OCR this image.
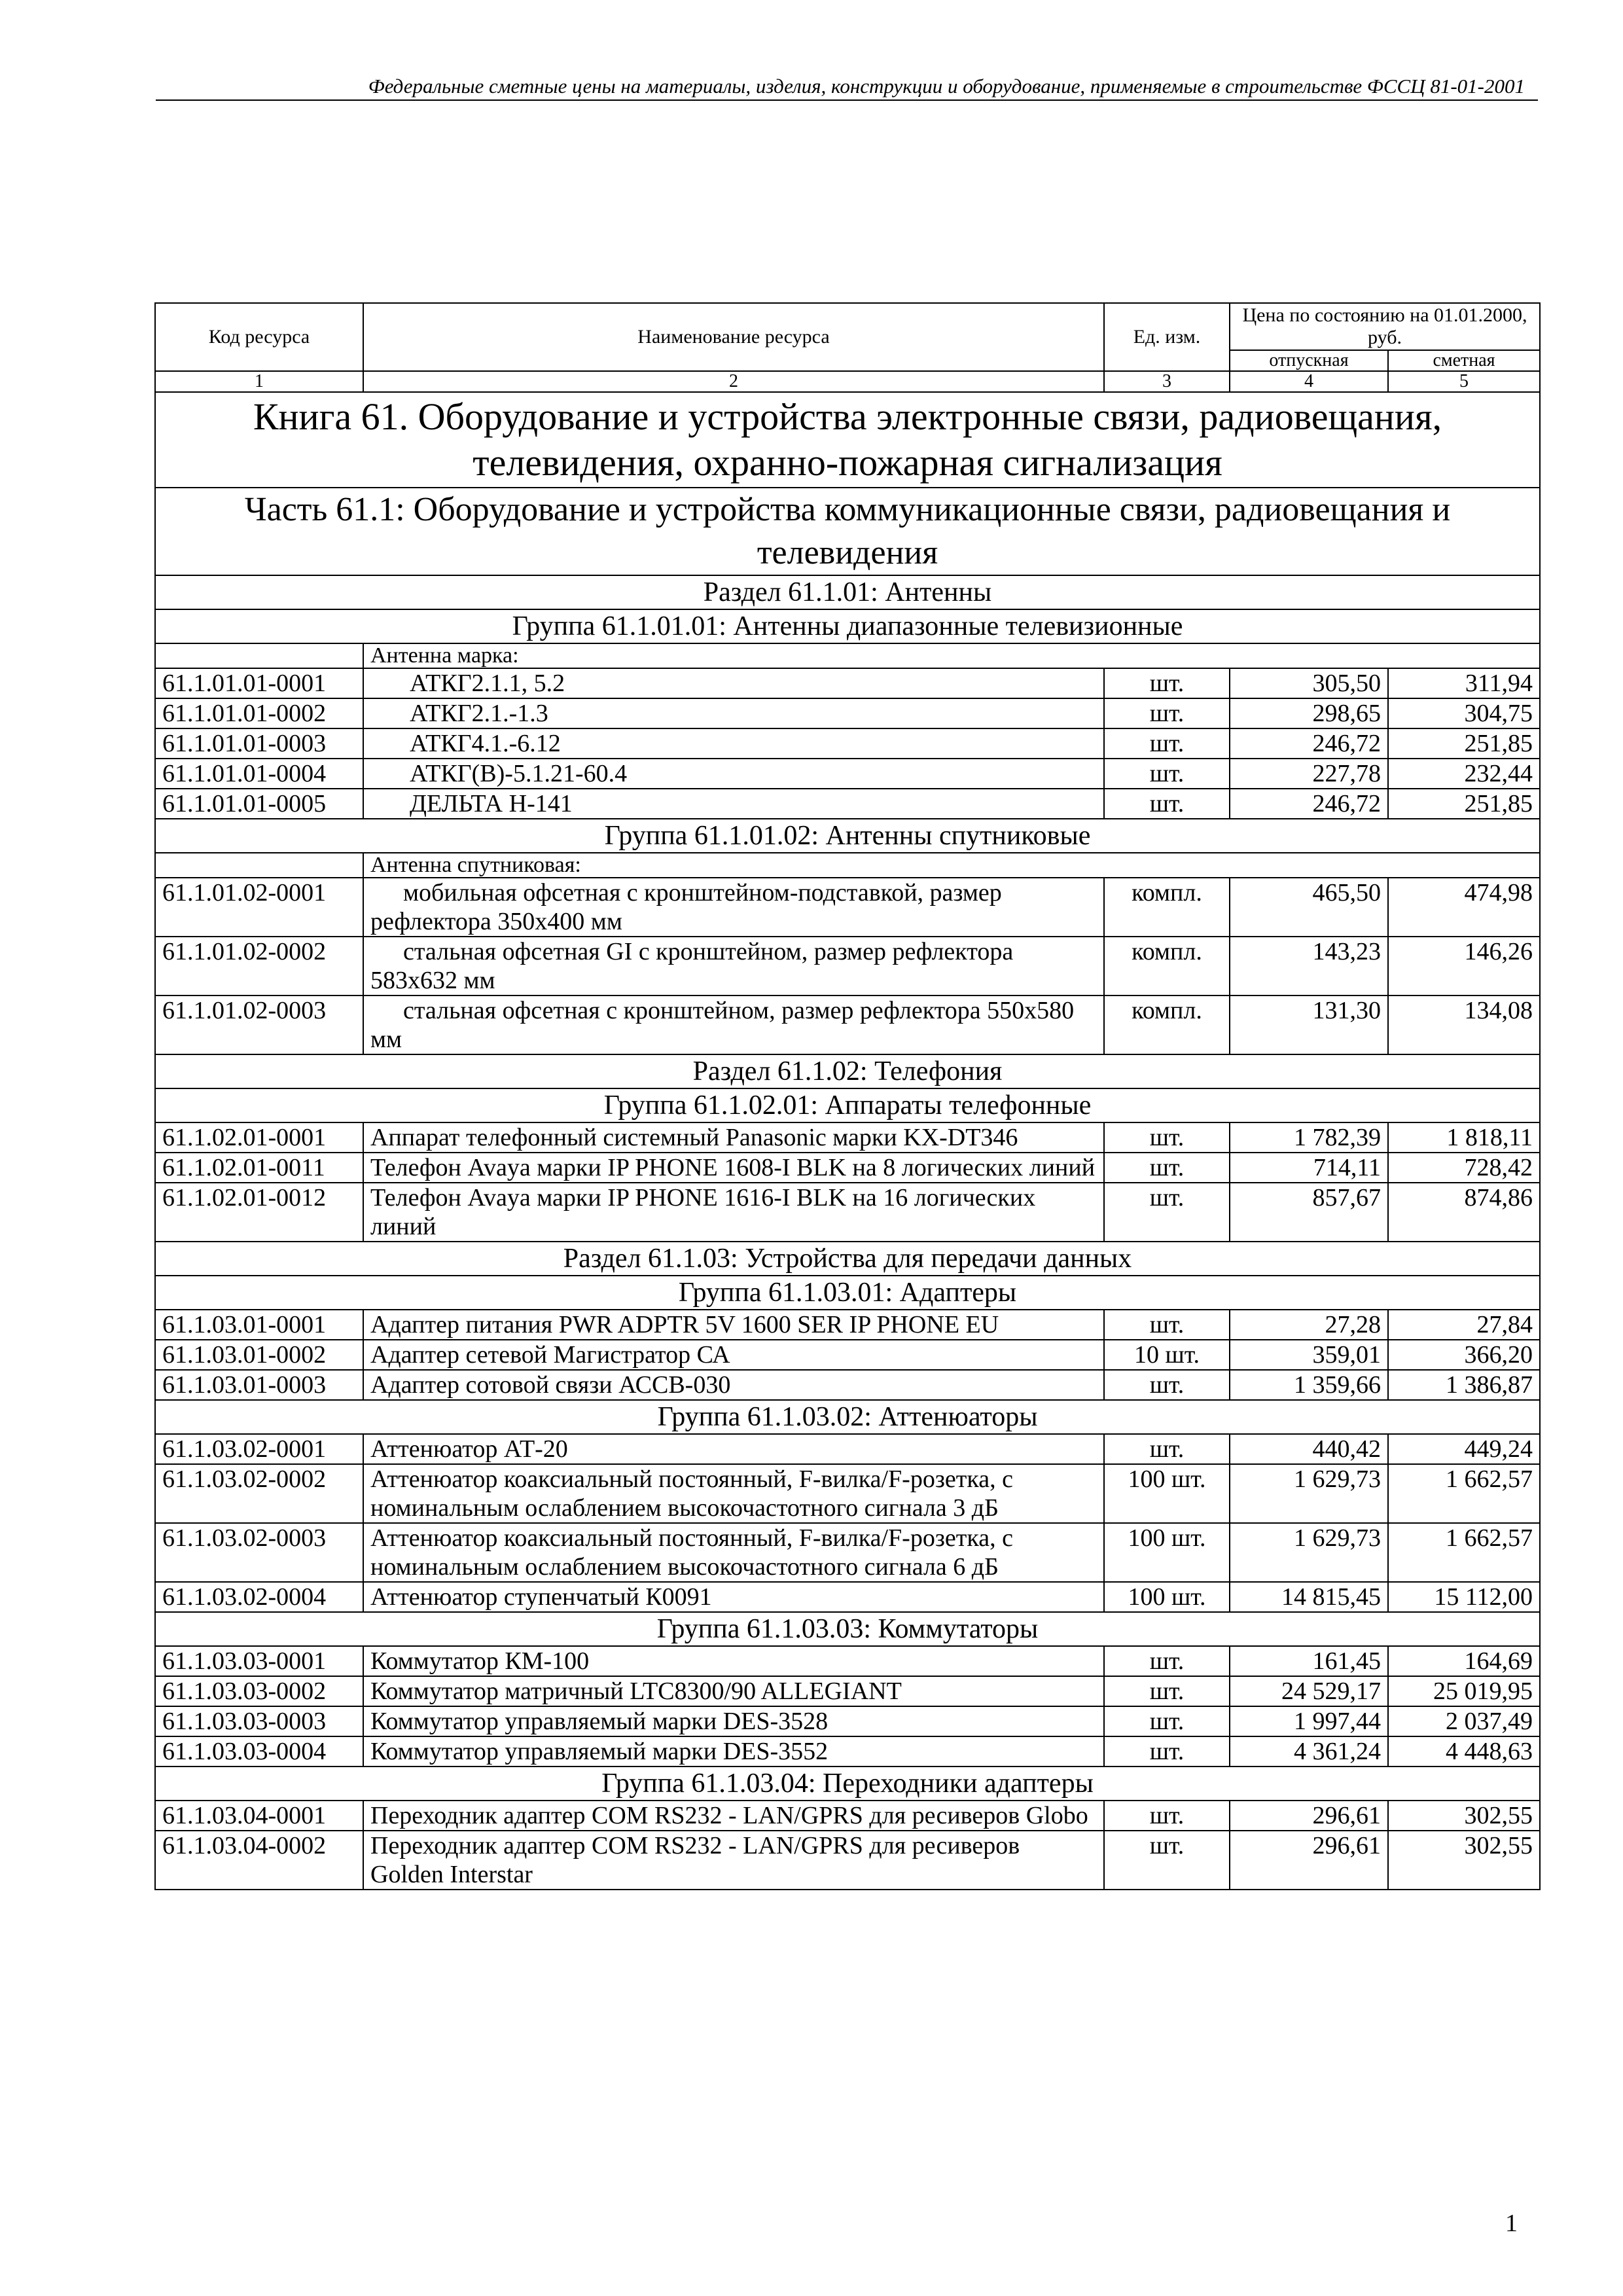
Федеральные сметные цены на материалы, изделия, конструкции и оборудование, применяемые в строительстве ФССЦ 81-01-2001
Код ресурса	Наименование ресурса	Ед. изм.	Цена по состоянию на 01.01.2000, руб.	
			отпускная	сметная
1	2	3	4	5
Книга 61. Оборудование и устройства электронные связи, радиовещания, телевидения, охранно-пожарная сигнализация				
Часть 61.1: Оборудование и устройства коммуникационные связи, радиовещания и телевидения				
Раздел 61.1.01: Антенны				
Группа 61.1.01.01: Антенны диапазонные телевизионные				
	Антенна марка:			
61.1.01.01-0001	АТКГ2.1.1, 5.2	шт.	305,50	311,94
61.1.01.01-0002	АТКГ2.1.-1.3	шт.	298,65	304,75
61.1.01.01-0003	АТКГ4.1.-6.12	шт.	246,72	251,85
61.1.01.01-0004	АТКГ(В)-5.1.21-60.4	шт.	227,78	232,44
61.1.01.01-0005	ДЕЛЬТА Н-141	шт.	246,72	251,85
Группа 61.1.01.02: Антенны спутниковые				
	Антенна спутниковая:			
61.1.01.02-0001	мобильная офсетная с кронштейном-подставкой, размер рефлектора 350х400 мм	компл.	465,50	474,98
61.1.01.02-0002	стальная офсетная GI с кронштейном, размер рефлектора 583х632 мм	компл.	143,23	146,26
61.1.01.02-0003	стальная офсетная с кронштейном, размер рефлектора 550х580 мм	компл.	131,30	134,08
Раздел 61.1.02: Телефония				
Группа 61.1.02.01: Аппараты телефонные				
61.1.02.01-0001	Аппарат телефонный системный Panasonic марки KX-DT346	шт.	1 782,39	1 818,11
61.1.02.01-0011	Телефон Avaya марки IP PHONE 1608-I BLK на 8 логических линий	шт.	714,11	728,42
61.1.02.01-0012	Телефон Avaya марки IP PHONE 1616-I BLK на 16 логических линий	шт.	857,67	874,86
Раздел 61.1.03: Устройства для передачи данных				
Группа 61.1.03.01: Адаптеры				
61.1.03.01-0001	Адаптер питания PWR ADPTR 5V 1600 SER IP PHONE EU	шт.	27,28	27,84
61.1.03.01-0002	Адаптер сетевой Магистратор СА	10 шт.	359,01	366,20
61.1.03.01-0003	Адаптер сотовой связи АССВ-030	шт.	1 359,66	1 386,87
Группа 61.1.03.02: Аттенюаторы				
61.1.03.02-0001	Аттенюатор АТ-20	шт.	440,42	449,24
61.1.03.02-0002	Аттенюатор коаксиальный постоянный, F-вилка/F-розетка, с номинальным ослаблением высокочастотного сигнала 3 дБ	100 шт.	1 629,73	1 662,57
61.1.03.02-0003	Аттенюатор коаксиальный постоянный, F-вилка/F-розетка, с номинальным ослаблением высокочастотного сигнала 6 дБ	100 шт.	1 629,73	1 662,57
61.1.03.02-0004	Аттенюатор ступенчатый К0091	100 шт.	14 815,45	15 112,00
Группа 61.1.03.03: Коммутаторы				
61.1.03.03-0001	Коммутатор КМ-100	шт.	161,45	164,69
61.1.03.03-0002	Коммутатор матричный LTC8300/90 ALLEGIANT	шт.	24 529,17	25 019,95
61.1.03.03-0003	Коммутатор управляемый марки DES-3528	шт.	1 997,44	2 037,49
61.1.03.03-0004	Коммутатор управляемый марки DES-3552	шт.	4 361,24	4 448,63
Группа 61.1.03.04: Переходники адаптеры				
61.1.03.04-0001	Переходник адаптер COM RS232 - LAN/GPRS для ресиверов Globo	шт.	296,61	302,55
61.1.03.04-0002	Переходник адаптер COM RS232 - LAN/GPRS для ресиверов Golden Interstar	шт.	296,61	302,55
1
